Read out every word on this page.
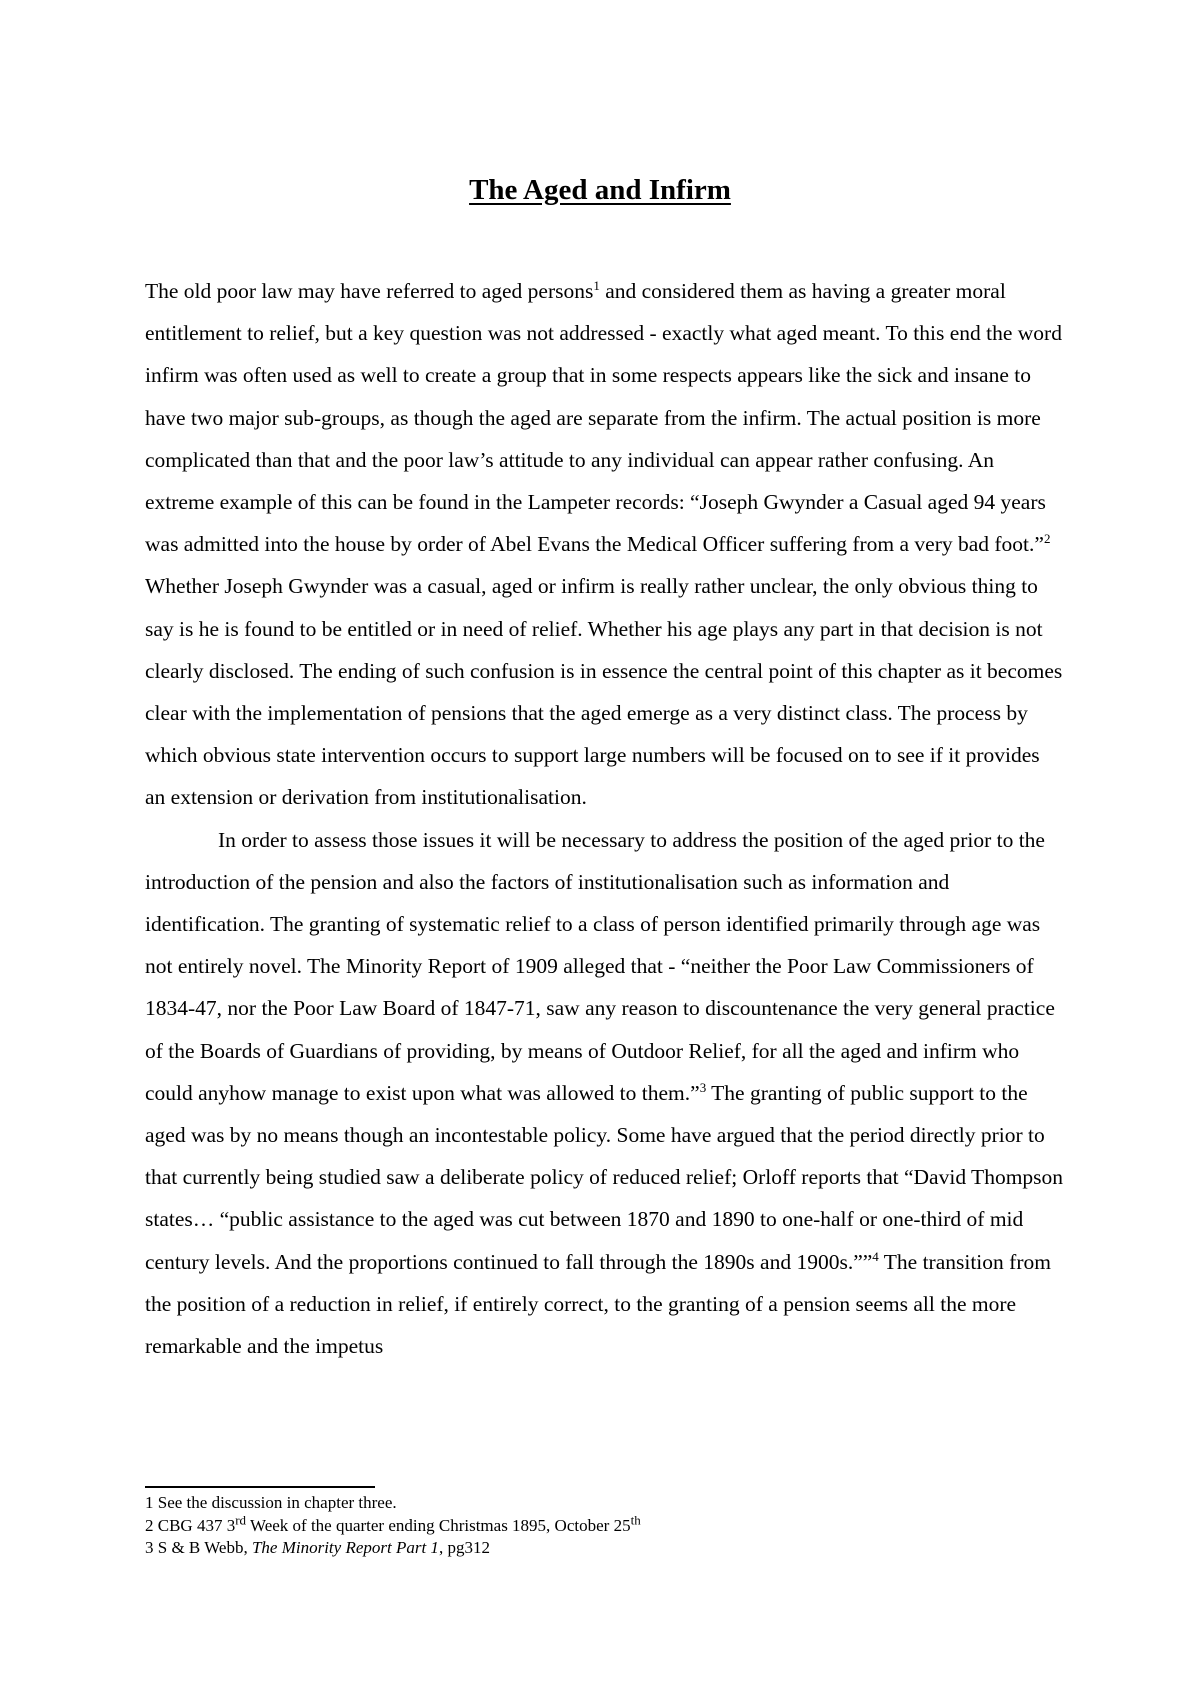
The Aged and Infirm

The old poor law may have referred to aged persons$^1$ and considered them as having a greater moral entitlement to relief, but a key question was not addressed - exactly what aged meant. To this end the word infirm was often used as well to create a group that in some respects appears like the sick and insane to have two major sub-groups, as though the aged are separate from the infirm. The actual position is more complicated than that and the poor law’s attitude to any individual can appear rather confusing. An extreme example of this can be found in the Lampeter records: “Joseph Gwynder a Casual aged 94 years was admitted into the house by order of Abel Evans the Medical Officer suffering from a very bad foot.”$^2$ Whether Joseph Gwynder was a casual, aged or infirm is really rather unclear, the only obvious thing to say is he is found to be entitled or in need of relief. Whether his age plays any part in that decision is not clearly disclosed. The ending of such confusion is in essence the central point of this chapter as it becomes clear with the implementation of pensions that the aged emerge as a very distinct class. The process by which obvious state intervention occurs to support large numbers will be focused on to see if it provides an extension or derivation from institutionalisation.

In order to assess those issues it will be necessary to address the position of the aged prior to the introduction of the pension and also the factors of institutionalisation such as information and identification. The granting of systematic relief to a class of person identified primarily through age was not entirely novel. The Minority Report of 1909 alleged that - “neither the Poor Law Commissioners of 1834-47, nor the Poor Law Board of 1847-71, saw any reason to discountenance the very general practice of the Boards of Guardians of providing, by means of Outdoor Relief, for all the aged and infirm who could anyhow manage to exist upon what was allowed to them.”$^3$ The granting of public support to the aged was by no means though an incontestable policy. Some have argued that the period directly prior to that currently being studied saw a deliberate policy of reduced relief; Orloff reports that “David Thompson states… “public assistance to the aged was cut between 1870 and 1890 to one-half or one-third of mid century levels. And the proportions continued to fall through the 1890s and 1900s.””$^4$ The transition from the position of a reduction in relief, if entirely correct, to the granting of a pension seems all the more remarkable and the impetus

1 See the discussion in chapter three.

2 CBG 437 3rd Week of the quarter ending Christmas 1895, October 25th

3 S & B Webb, The Minority Report Part 1, pg312
